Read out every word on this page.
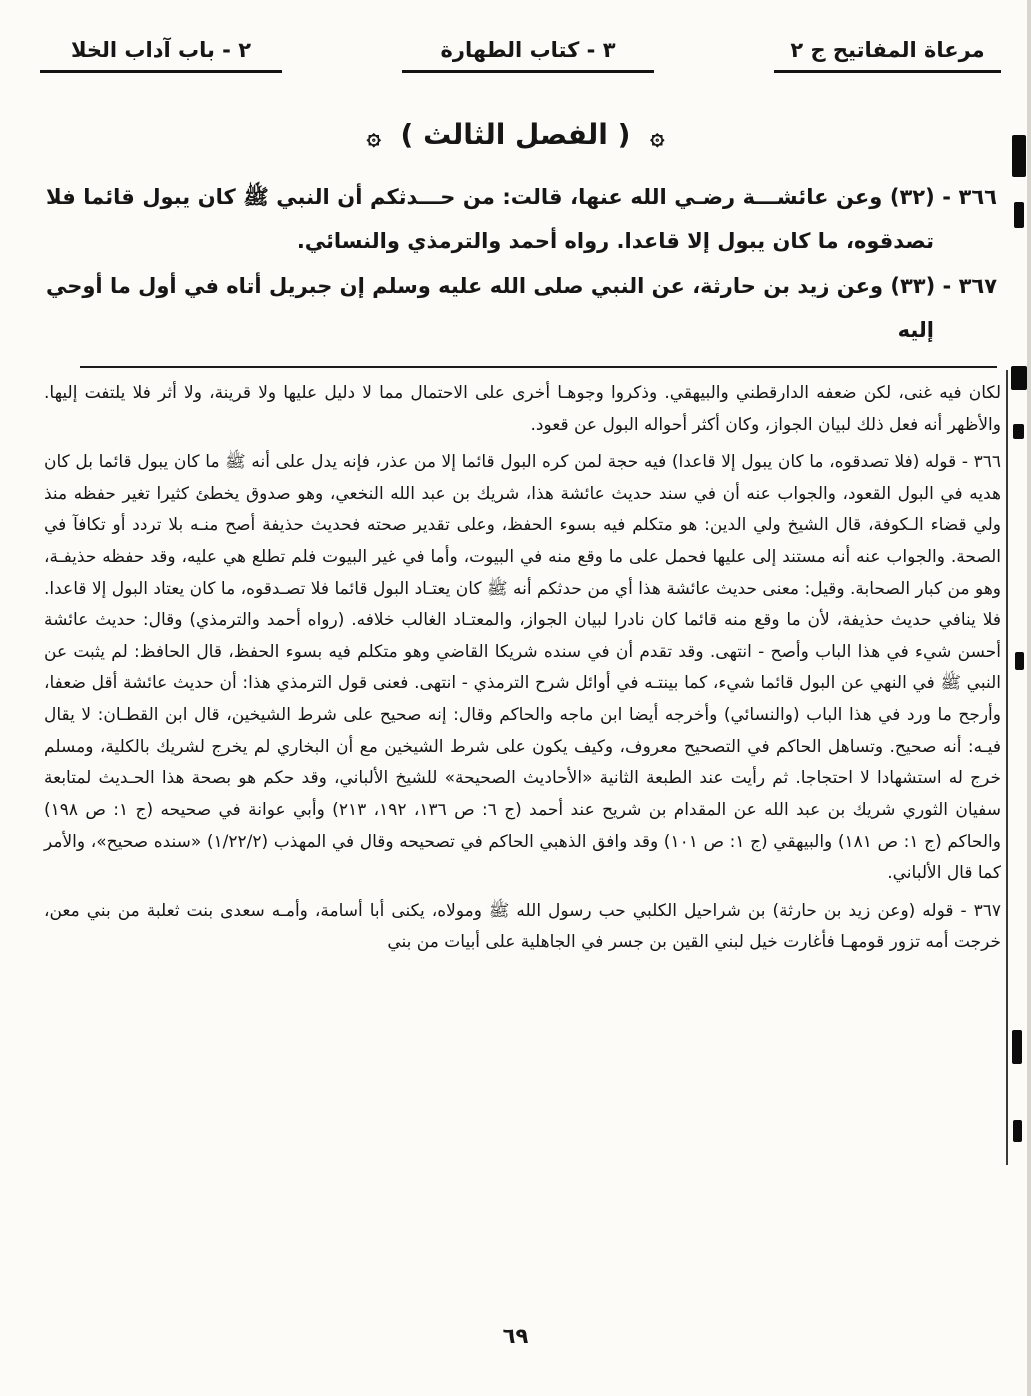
مرعاة المفاتيح ج ٢
٣ - كتاب الطهارة
٢ - باب آداب الخلا
۞ ( الفصل الثالث ) ۞

٣٦٦ - (٣٢) وعن عائشـــة رضـي الله عنها، قالت: من حـــدثكم أن النبي ﷺ كان يبول قائما فلا تصدقوه، ما كان يبول إلا قاعدا. رواه أحمد والترمذي والنسائي.

٣٦٧ - (٣٣) وعن زيد بن حارثة، عن النبي صلى الله عليه وسلم إن جبريل أتاه في أول ما أوحي إليه

لكان فيه غنى، لكن ضعفه الدارقطني والبيهقي. وذكروا وجوهـا أخرى على الاحتمال مما لا دليل عليها ولا قرينة، ولا أثر فلا يلتفت إليها. والأظهر أنه فعل ذلك لبيان الجواز، وكان أكثر أحواله البول عن قعود.

٣٦٦ - قوله (فلا تصدقوه، ما كان يبول إلا قاعدا) فيه حجة لمن كره البول قائما إلا من عذر، فإنه يدل على أنه ﷺ ما كان يبول قائما بل كان هديه في البول القعود، والجواب عنه أن في سند حديث عائشة هذا، شريك بن عبد الله النخعي، وهو صدوق يخطئ كثيرا تغير حفظه منذ ولي قضاء الـكوفة، قال الشيخ ولي الدين: هو متكلم فيه بسوء الحفظ، وعلى تقدير صحته فحديث حذيفة أصح منـه بلا تردد أو تكافآ في الصحة. والجواب عنه أنه مستند إلى عليها فحمل على ما وقع منه في البيوت، وأما في غير البيوت فلم تطلع هي عليه، وقد حفظه حذيفـة، وهو من كبار الصحابة. وقيل: معنى حديث عائشة هذا أي من حدثكم أنه ﷺ كان يعتـاد البول قائما فلا تصـدقوه، ما كان يعتاد البول إلا قاعدا. فلا ينافي حديث حذيفة، لأن ما وقع منه قائما كان نادرا لبيان الجواز، والمعتـاد الغالب خلافه. (رواه أحمد والترمذي) وقال: حديث عائشة أحسن شيء في هذا الباب وأصح - انتهى. وقد تقدم أن في سنده شريكا القاضي وهو متكلم فيه بسوء الحفظ، قال الحافظ: لم يثبت عن النبي ﷺ في النهي عن البول قائما شيء، كما بينتـه في أوائل شرح الترمذي - انتهى. فعنى قول الترمذي هذا: أن حديث عائشة أقل ضعفا، وأرجح ما ورد في هذا الباب (والنسائي) وأخرجه أيضا ابن ماجه والحاكم وقال: إنه صحيح على شرط الشيخين، قال ابن القطـان: لا يقال فيـه: أنه صحيح. وتساهل الحاكم في التصحيح معروف، وكيف يكون على شرط الشيخين مع أن البخاري لم يخرج لشريك بالكلية، ومسلم خرج له استشهادا لا احتجاجا. ثم رأيت عند الطبعة الثانية «الأحاديث الصحيحة» للشيخ الألباني، وقد حكم هو بصحة هذا الحـديث لمتابعة سفيان الثوري شريك بن عبد الله عن المقدام بن شريح عند أحمد (ج ٦: ص ١٣٦، ١٩٢، ٢١٣) وأبي عوانة في صحيحه (ج ١: ص ١٩٨) والحاكم (ج ١: ص ١٨١) والبيهقي (ج ١: ص ١٠١) وقد وافق الذهبي الحاكم في تصحيحه وقال في المهذب (١/٢٢/٢) «سنده صحيح»، والأمر كما قال الألباني.

٣٦٧ - قوله (وعن زيد بن حارثة) بن شراحيل الكلبي حب رسول الله ﷺ ومولاه، يكنى أبا أسامة، وأمـه سعدى بنت ثعلبة من بني معن، خرجت أمه تزور قومهـا فأغارت خيل لبني القين بن جسر في الجاهلية على أبيات من بني

٦٩
